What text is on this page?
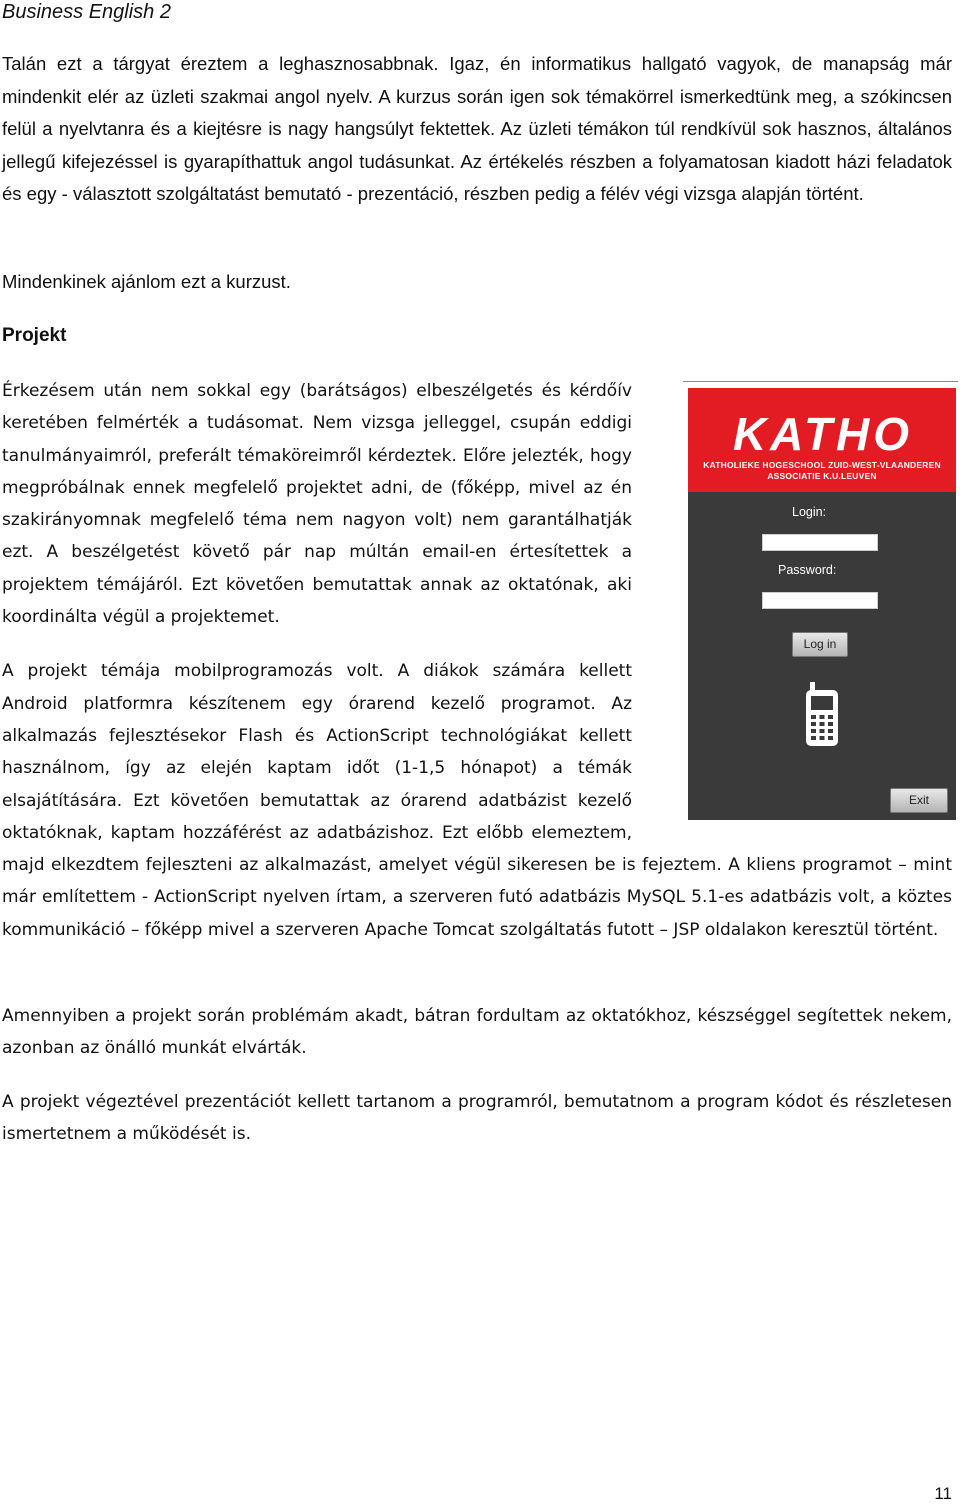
Business English 2

Talán ezt a tárgyat éreztem a leghasznosabbnak. Igaz, én informatikus hallgató vagyok, de manapság már mindenkit elér az üzleti szakmai angol nyelv. A kurzus során igen sok témakörrel ismerkedtünk meg, a szókincsen felül a nyelvtanra és a kiejtésre is nagy hangsúlyt fektettek. Az üzleti témákon túl rendkívül sok hasznos, általános jellegű kifejezéssel is gyarapíthattuk angol tudásunkat. Az értékelés részben a folyamatosan kiadott házi feladatok és egy - választott szolgáltatást bemutató - prezentáció, részben pedig a félév végi vizsga alapján történt.

Mindenkinek ajánlom ezt a kurzust.

Projekt

Érkezésem után nem sokkal egy (barátságos) elbeszélgetés és kérdőív keretében felmérték a tudásomat. Nem vizsga jelleggel, csupán eddigi tanulmányaimról, preferált témaköreimről kérdeztek. Előre jelezték, hogy megpróbálnak ennek megfelelő projektet adni, de (főképp, mivel az én szakirányomnak megfelelő téma nem nagyon volt) nem garantálhatják ezt. A beszélgetést követő pár nap múltán email-en értesítettek a projektem témájáról. Ezt követően bemutattak annak az oktatónak, aki koordinálta végül a projektemet.

A projekt témája mobilprogramozás volt. A diákok számára kellett Android platformra készítenem egy órarend kezelő programot. Az alkalmazás fejlesztésekor Flash és ActionScript technológiákat kellett használnom, így az elején kaptam időt (1-1,5 hónapot) a témák elsajátítására. Ezt követően bemutattak az órarend adatbázist kezelő oktatóknak, kaptam hozzáférést az adatbázishoz. Ezt előbb elemeztem, majd elkezdtem fejleszteni az alkalmazást, amelyet végül sikeresen be is fejeztem. A kliens programot – mint már említettem - ActionScript nyelven írtam, a szerveren futó adatbázis MySQL 5.1-es adatbázis volt, a köztes kommunikáció – főképp mivel a szerveren Apache Tomcat szolgáltatás futott – JSP oldalakon keresztül történt.

Amennyiben a projekt során problémám akadt, bátran fordultam az oktatókhoz, készséggel segítettek nekem, azonban az önálló munkát elvárták.

A projekt végeztével prezentációt kellett tartanom a programról, bemutatnom a program kódot és részletesen ismertetnem a működését is.

KATHO
KATHOLIEKE HOGESCHOOL ZUID-WEST-VLAANDEREN
ASSOCIATIE K.U.LEUVEN
Login:
Password:
Log in
Exit
11
